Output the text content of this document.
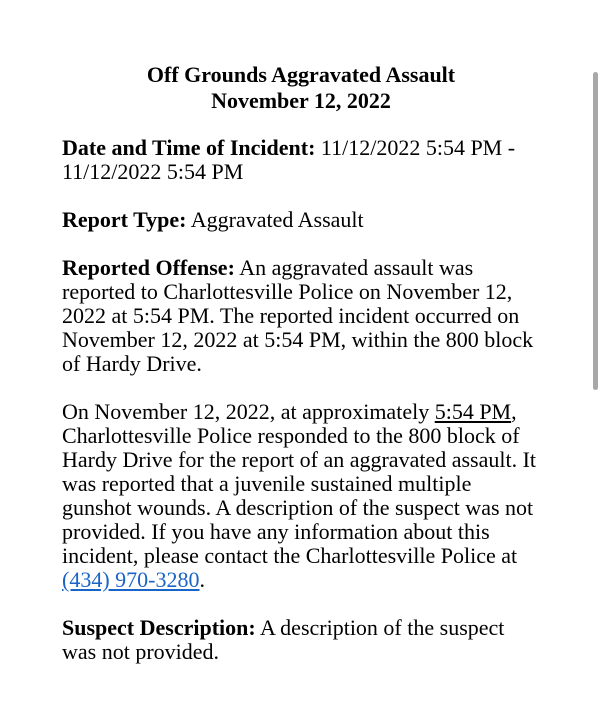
Off Grounds Aggravated Assault
November 12, 2022

Date and Time of Incident: 11/12/2022 5:54 PM - 11/12/2022 5:54 PM

Report Type: Aggravated Assault

Reported Offense: An aggravated assault was reported to Charlottesville Police on November 12, 2022 at 5:54 PM. The reported incident occurred on November 12, 2022 at 5:54 PM, within the 800 block of Hardy Drive.

On November 12, 2022, at approximately 5:54 PM, Charlottesville Police responded to the 800 block of Hardy Drive for the report of an aggravated assault. It was reported that a juvenile sustained multiple gunshot wounds. A description of the suspect was not provided. If you have any information about this incident, please contact the Charlottesville Police at (434) 970-3280.

Suspect Description: A description of the suspect was not provided.
